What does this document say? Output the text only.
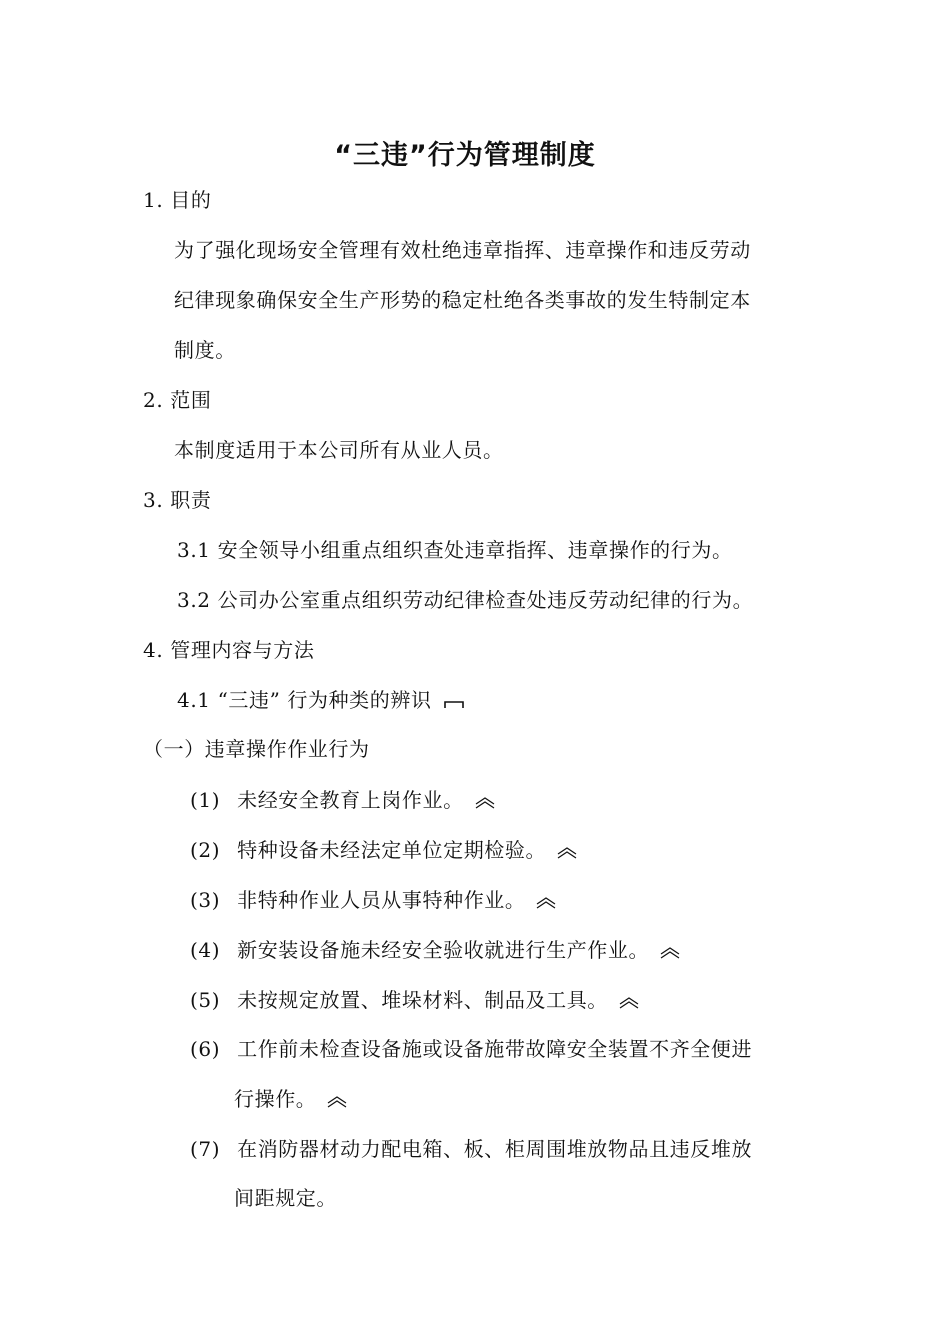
“三违”行为管理制度
1. 目的
为了强化现场安全管理有效杜绝违章指挥、违章操作和违反劳动
纪律现象确保安全生产形势的稳定杜绝各类事故的发生特制定本
制度。
2. 范围
本制度适用于本公司所有从业人员。
3. 职责
3.1 安全领导小组重点组织查处违章指挥、违章操作的行为。
3.2 公司办公室重点组织劳动纪律检查处违反劳动纪律的行为。
4. 管理内容与方法
4.1 “三违” 行为种类的辨识
（一）违章操作作业行为
(1) 未经安全教育上岗作业。
(2) 特种设备未经法定单位定期检验。
(3) 非特种作业人员从事特种作业。
(4) 新安装设备施未经安全验收就进行生产作业。
(5) 未按规定放置、堆垛材料、制品及工具。
(6) 工作前未检查设备施或设备施带故障安全装置不齐全便进
行操作。
(7) 在消防器材动力配电箱、板、柜周围堆放物品且违反堆放
间距规定。
